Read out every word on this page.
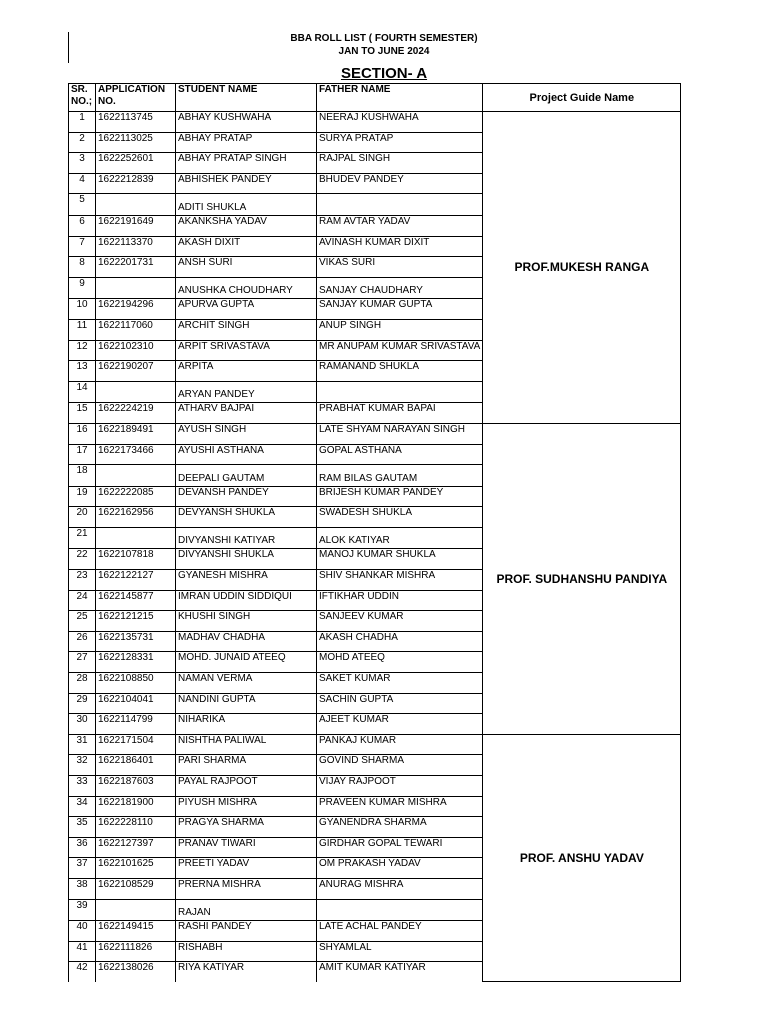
BBA ROLL LIST ( FOURTH SEMESTER)
JAN TO JUNE 2024
SECTION- A
SR. NO.;	APPLICATION NO.	STUDENT NAME	FATHER NAME	Project Guide Name
1	1622113745	ABHAY KUSHWAHA	NEERAJ KUSHWAHA	PROF.MUKESH RANGA
2	1622113025	ABHAY PRATAP	SURYA PRATAP	
3	1622252601	ABHAY PRATAP SINGH	RAJPAL SINGH	
4	1622212839	ABHISHEK PANDEY	BHUDEV PANDEY	
5		ADITI SHUKLA		
6	1622191649	AKANKSHA YADAV	RAM AVTAR YADAV	
7	1622113370	AKASH DIXIT	AVINASH KUMAR DIXIT	
8	1622201731	ANSH SURI	VIKAS SURI	
9		ANUSHKA CHOUDHARY	SANJAY CHAUDHARY	
10	1622194296	APURVA GUPTA	SANJAY KUMAR GUPTA	
11	1622117060	ARCHIT SINGH	ANUP SINGH	
12	1622102310	ARPIT SRIVASTAVA	MR ANUPAM KUMAR SRIVASTAVA	
13	1622190207	ARPITA	RAMANAND SHUKLA	
14		ARYAN PANDEY		
15	1622224219	ATHARV BAJPAI	PRABHAT KUMAR BAPAI	
16	1622189491	AYUSH SINGH	LATE SHYAM NARAYAN SINGH	PROF. SUDHANSHU PANDIYA
17	1622173466	AYUSHI ASTHANA	GOPAL ASTHANA	
18		DEEPALI GAUTAM	RAM BILAS GAUTAM	
19	1622222085	DEVANSH PANDEY	BRIJESH KUMAR PANDEY	
20	1622162956	DEVYANSH SHUKLA	SWADESH SHUKLA	
21		DIVYANSHI KATIYAR	ALOK KATIYAR	
22	1622107818	DIVYANSHI SHUKLA	MANOJ KUMAR SHUKLA	
23	1622122127	GYANESH MISHRA	SHIV SHANKAR MISHRA	
24	1622145877	IMRAN UDDIN SIDDIQUI	IFTIKHAR UDDIN	
25	1622121215	KHUSHI SINGH	SANJEEV KUMAR	
26	1622135731	MADHAV CHADHA	AKASH CHADHA	
27	1622128331	MOHD. JUNAID ATEEQ	MOHD ATEEQ	
28	1622108850	NAMAN VERMA	SAKET KUMAR	
29	1622104041	NANDINI GUPTA	SACHIN GUPTA	
30	1622114799	NIHARIKA	AJEET KUMAR	
31	1622171504	NISHTHA PALIWAL	PANKAJ KUMAR	PROF. ANSHU YADAV
32	1622186401	PARI SHARMA	GOVIND SHARMA	
33	1622187603	PAYAL RAJPOOT	VIJAY RAJPOOT	
34	1622181900	PIYUSH MISHRA	PRAVEEN KUMAR MISHRA	
35	1622228110	PRAGYA SHARMA	GYANENDRA SHARMA	
36	1622127397	PRANAV TIWARI	GIRDHAR GOPAL TEWARI	
37	1622101625	PREETI YADAV	OM PRAKASH YADAV	
38	1622108529	PRERNA MISHRA	ANURAG MISHRA	
39		RAJAN		
40	1622149415	RASHI PANDEY	LATE ACHAL PANDEY	
41	1622111826	RISHABH	SHYAMLAL	
42	1622138026	RIYA KATIYAR	AMIT KUMAR KATIYAR	
